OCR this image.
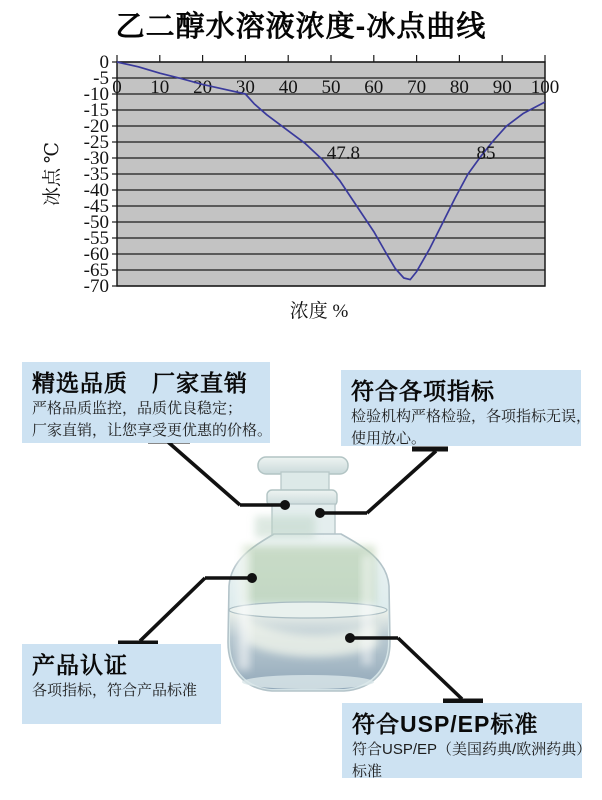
乙二醇水溶液浓度-冰点曲线
0
-5
-10
-15
-20
-25
-30
-35
-40
-45
-50
-55
-60
-65
-70
0 10 20 30 40 50 60 70 80 90 100
47.8	85
浓度 %
冰点 ℃
精选品质　厂家直销
严格品质监控，品质优良稳定；
厂家直销，让您享受更优惠的价格。
符合各项指标
检验机构严格检验，各项指标无误，
使用放心。
产品认证
各项指标，符合产品标准
符合USP/EP标准
符合USP/EP（美国药典/欧洲药典）
标准
